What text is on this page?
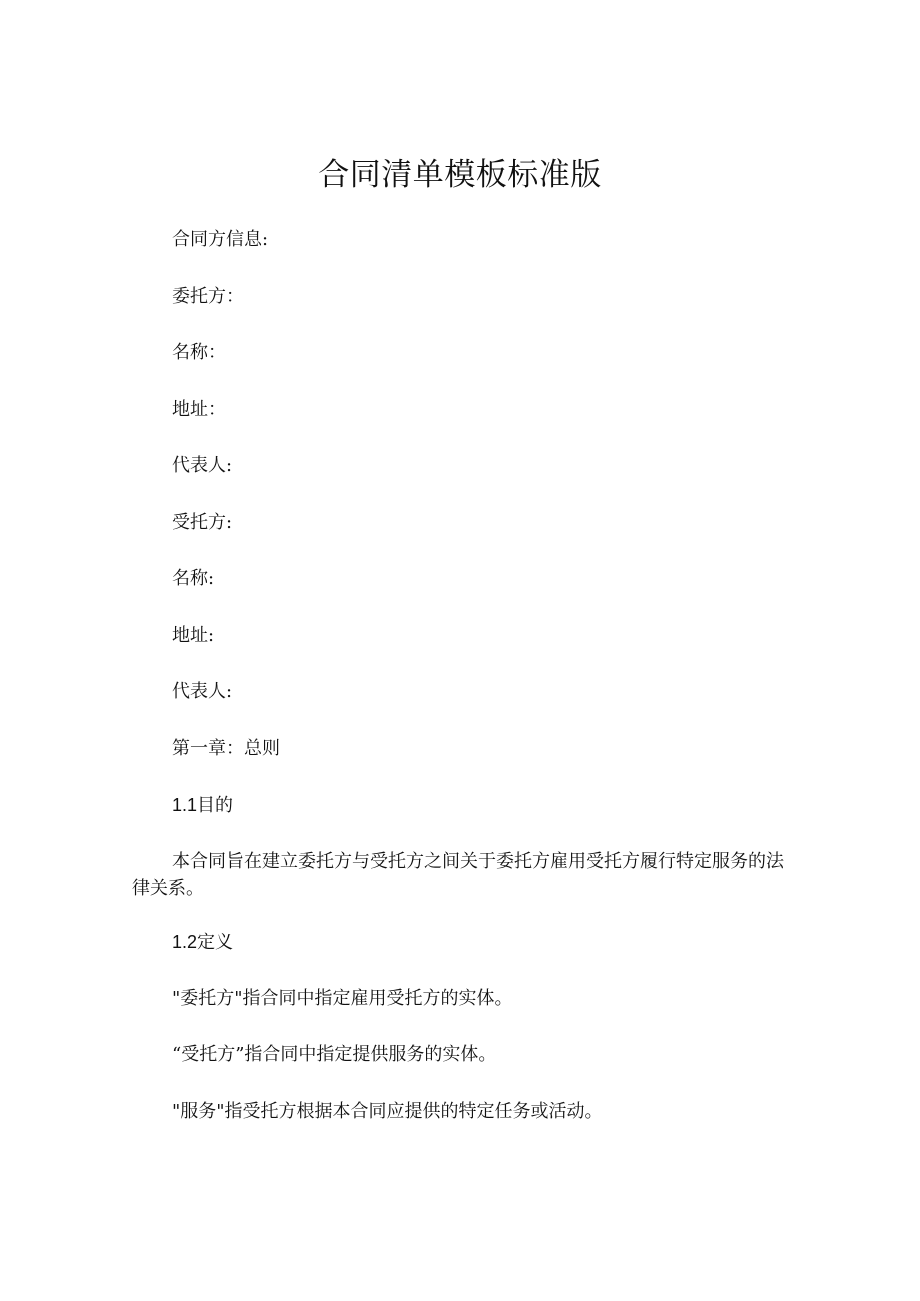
合同清单模板标准版
合同方信息:
委托方：
名称：
地址：
代表人:
受托方:
名称:
地址:
代表人:
第一章：总则
1.1目的
本合同旨在建立委托方与受托方之间关于委托方雇用受托方履行特定服务的法律关系。
1.2定义
"委托方"指合同中指定雇用受托方的实体。
“受托方”指合同中指定提供服务的实体。
"服务"指受托方根据本合同应提供的特定任务或活动。
